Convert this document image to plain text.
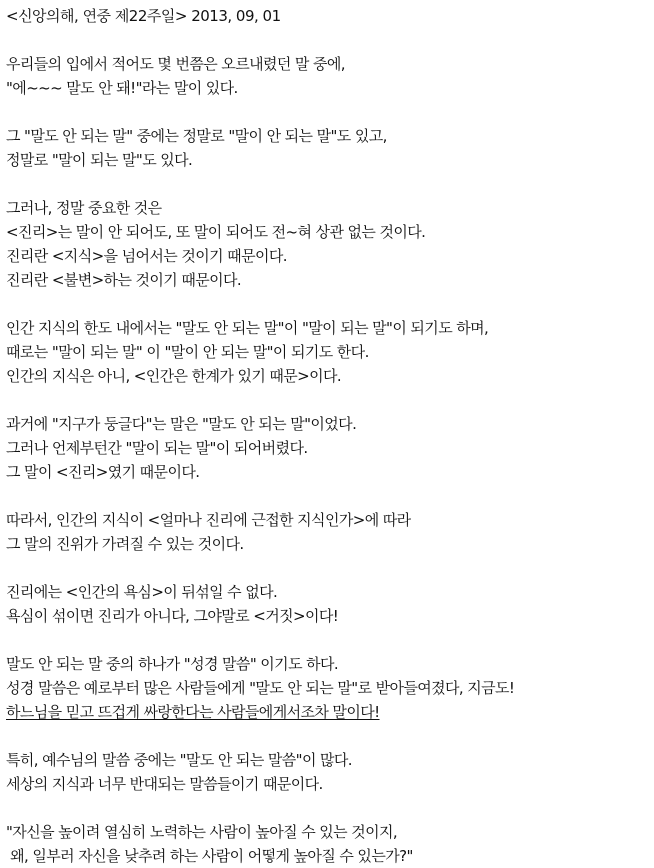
<신앙의해, 연중 제22주일> 2013, 09, 01
우리들의 입에서 적어도 몇 번쯤은 오르내렸던 말 중에,
"에~~~ 말도 안 돼!"라는 말이 있다.
그 "말도 안 되는 말" 중에는 정말로 "말이 안 되는 말"도 있고,
정말로 "말이 되는 말"도 있다.
그러나, 정말 중요한 것은
<진리>는 말이 안 되어도, 또 말이 되어도 전~혀 상관 없는 것이다.
진리란 <지식>을 넘어서는 것이기 때문이다.
진리란 <불변>하는 것이기 때문이다.
인간 지식의 한도 내에서는 "말도 안 되는 말"이 "말이 되는 말"이 되기도 하며,
때로는 "말이 되는 말" 이 "말이 안 되는 말"이 되기도 한다.
인간의 지식은 아니, <인간은 한계가 있기 때문>이다.
과거에 "지구가 둥글다"는 말은 "말도 안 되는 말"이었다.
그러나 언제부턴간 "말이 되는 말"이 되어버렸다.
그 말이 <진리>였기 때문이다.
따라서, 인간의 지식이 <얼마나 진리에 근접한 지식인가>에 따라
그 말의 진위가 가려질 수 있는 것이다.
진리에는 <인간의 욕심>이 뒤섞일 수 없다.
욕심이 섞이면 진리가 아니다, 그야말로 <거짓>이다!
말도 안 되는 말 중의 하나가 "성경 말씀" 이기도 하다.
성경 말씀은 예로부터 많은 사람들에게 "말도 안 되는 말"로 받아들여졌다, 지금도!
하느님을 믿고 뜨겁게 싸랑한다는 사람들에게서조차 말이다!
특히, 예수님의 말씀 중에는 "말도 안 되는 말씀"이 많다.
세상의 지식과 너무 반대되는 말씀들이기 때문이다.
"자신을 높이려 열심히 노력하는 사람이 높아질 수 있는 것이지,
왜, 일부러 자신을 낮추려 하는 사람이 어떻게 높아질 수 있는가?"
